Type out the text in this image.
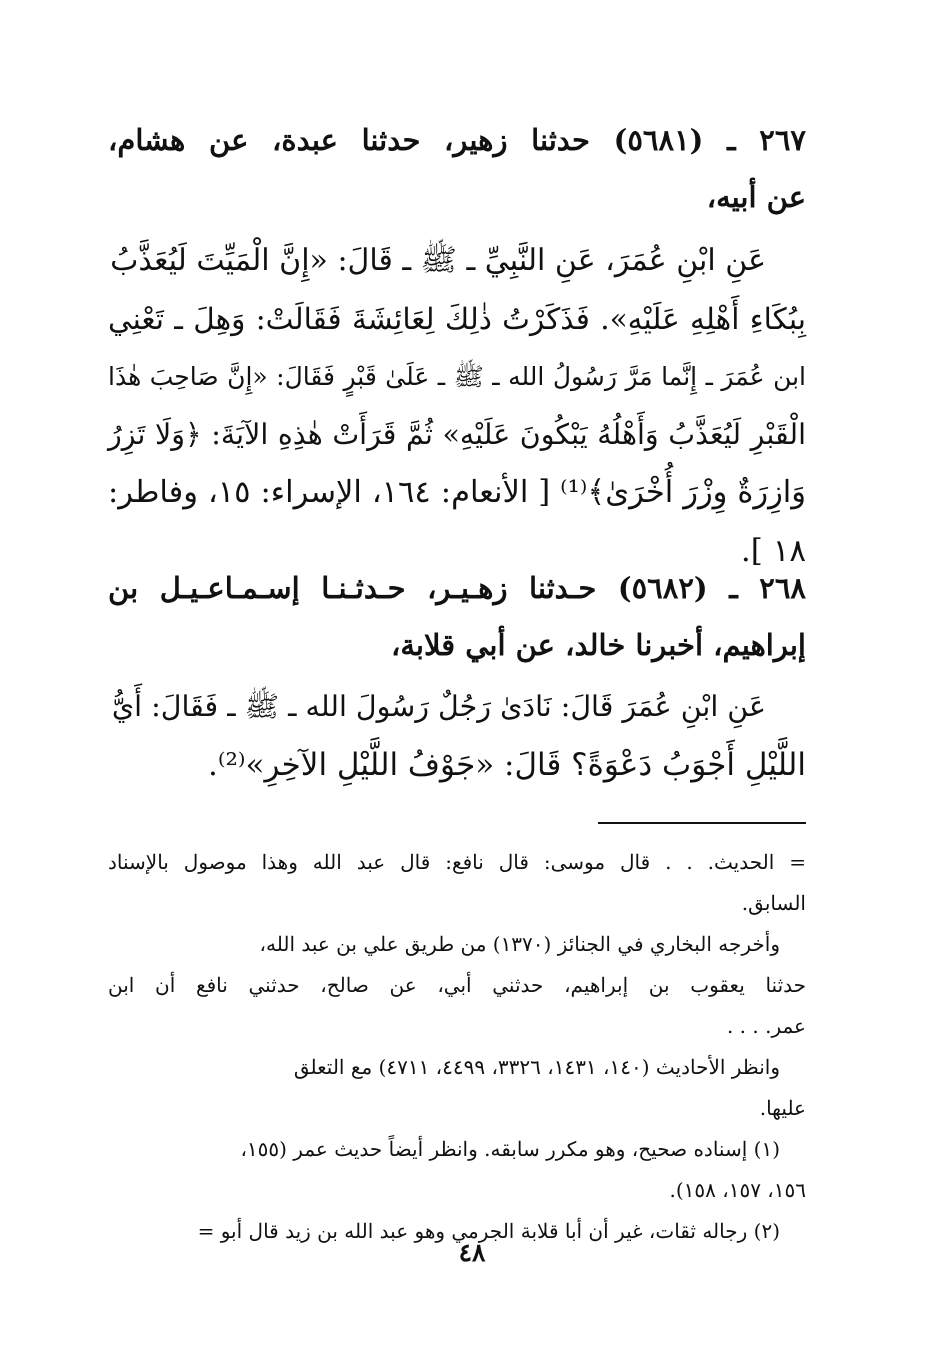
٢٦٧ ـ (٥٦٨١) حدثنا زهير، حدثنا عبدة، عن هشام،
عن أبيه،
عَنِ ابْنِ عُمَرَ، عَنِ النَّبِيِّ ـ ﷺ ـ قَالَ: «إِنَّ الْمَيِّتَ لَيُعَذَّبُ
بِبُكَاءِ أَهْلِهِ عَلَيْهِ». فَذَكَرْتُ ذٰلِكَ لِعَائِشَةَ فَقَالَتْ: وَهِلَ ـ تَعْنِي
ابن عُمَرَ ـ إِنَّما مَرَّ رَسُولُ الله ـ ﷺ ـ عَلَىٰ قَبْرٍ فَقَالَ: «إِنَّ صَاحِبَ هٰذَا
الْقَبْرِ لَيُعَذَّبُ وَأَهْلُهُ يَبْكُونَ عَلَيْهِ» ثُمَّ قَرَأَتْ هٰذِهِ الآيَةَ: ﴿وَلَا تَزِرُ
وَازِرَةٌ وِزْرَ أُخْرَىٰ﴾⁽¹⁾ [ الأنعام: ١٦٤، الإسراء: ١٥، وفاطر:
١٨ ].
٢٦٨ ـ (٥٦٨٢) حـدثنا زهـيـر، حـدثـنـا إسـمـاعـيـل بن
إبراهيم، أخبرنا خالد، عن أبي قلابة،
عَنِ ابْنِ عُمَرَ قَالَ: نَادَىٰ رَجُلٌ رَسُولَ الله ـ ﷺ ـ فَقَالَ: أَيُّ
اللَّيْلِ أَجْوَبُ دَعْوَةً؟ قَالَ: «جَوْفُ اللَّيْلِ الآخِرِ»⁽²⁾.
= الحديث. . . قال موسى: قال نافع: قال عبد الله وهذا موصول بالإسناد
السابق.
وأخرجه البخاري في الجنائز (١٣٧٠) من طريق علي بن عبد الله،
حدثنا يعقوب بن إبراهيم، حدثني أبي، عن صالح، حدثني نافع أن ابن
عمر. . . .
وانظر الأحاديث (١٤٠، ١٤٣١، ٣٣٢٦، ٤٤٩٩، ٤٧١١) مع التعلق
عليها.
(١) إسناده صحيح، وهو مكرر سابقه. وانظر أيضاً حديث عمر (١٥٥،
١٥٦، ١٥٧، ١٥٨).
(٢) رجاله ثقات، غير أن أبا قلابة الجرمي وهو عبد الله بن زيد قال أبو =
٤٨
